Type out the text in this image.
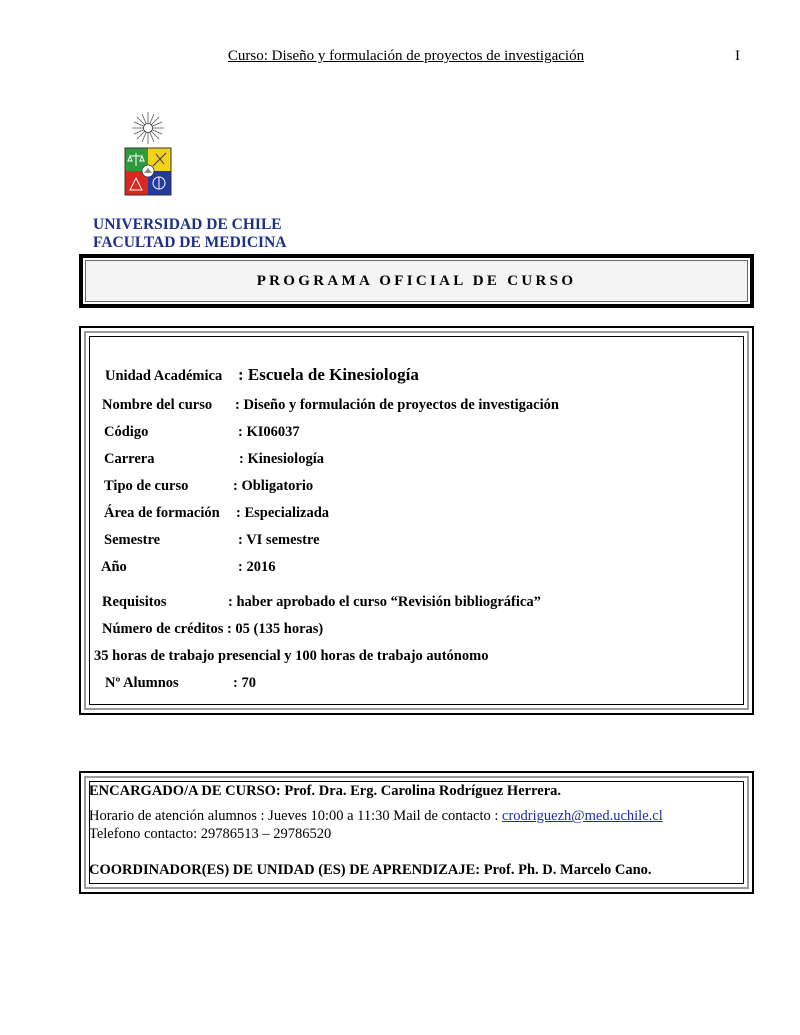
Curso: Diseño y formulación de proyectos de investigación	I
UNIVERSIDAD DE CHILE
FACULTAD DE MEDICINA
PROGRAMA OFICIAL DE CURSO
Unidad Académica : Escuela de Kinesiología
Nombre del curso : Diseño y formulación de proyectos de investigación
Código	: KI06037
Carrera	: Kinesiología
Tipo de curso	: Obligatorio
Área de formación : Especializada
Semestre	: VI semestre
Año	: 2016
Requisitos	: haber aprobado el curso “Revisión bibliográfica”
Número de créditos : 05 (135 horas)
35 horas de trabajo presencial y 100 horas de trabajo autónomo
Nº Alumnos	: 70
ENCARGADO/A DE CURSO: Prof. Dra. Erg. Carolina Rodríguez Herrera.
Horario de atención alumnos : Jueves 10:00 a 11:30 Mail de contacto : crodriguezh@med.uchile.cl
Telefono contacto: 29786513 – 29786520
COORDINADOR(ES) DE UNIDAD (ES) DE APRENDIZAJE: Prof. Ph. D. Marcelo Cano.
